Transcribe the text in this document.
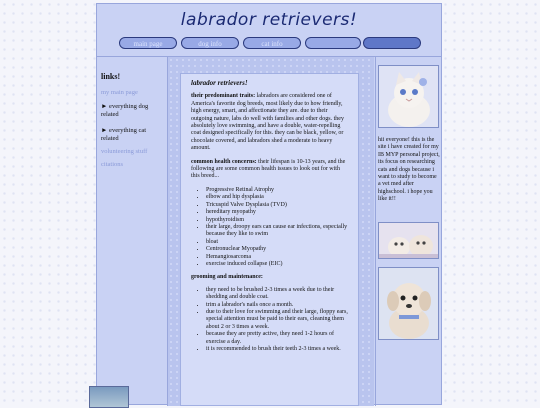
labrador retrievers!
main page	dog info	cat info
links!
my main page
► everything dog related
► everything cat related
volunteering stuff
citations
labrador retrievers!

their predominant traits: labradors are considered one of America's favorite dog breeds, most likely due to how friendly, high energy, smart, and affectionate they are. due to their outgoing nature, labs do well with families and other dogs. they absolutely love swimming, and have a double, water-repelling coat designed specifically for this. they can be black, yellow, or chocolate covered, and labradors shed a moderate to heavy amount.

common health concerns: their lifespan is 10-13 years, and the following are some common health issues to look out for with this breed...

• Progressive Retinal Atrophy
• elbow and hip dysplasia
• Tricuspid Valve Dysplasia (TVD)
• hereditary myopathy
• hypothyroidism
• their large, droopy ears can cause ear infections, especially because they like to swim
• bloat
• Centronuclear Myopathy
• Hemangiosarcoma
• exercise induced collapse (EIC)

grooming and maintenance:

• they need to be brushed 2-3 times a week due to their shedding and double coat.
• trim a labrador's nails once a month.
• due to their love for swimming and their large, floppy ears, special attention must be paid to their ears, cleaning them about 2 or 3 times a week.
• because they are pretty active, they need 1-2 hours of exercise a day.
• it is recommended to brush their teeth 2-3 times a week.
hii everyone! this is the site i have created for my IB MYP personal project, its focus on researching cats and dogs because i want to study to become a vet med after highschool. i hope you like it!!
